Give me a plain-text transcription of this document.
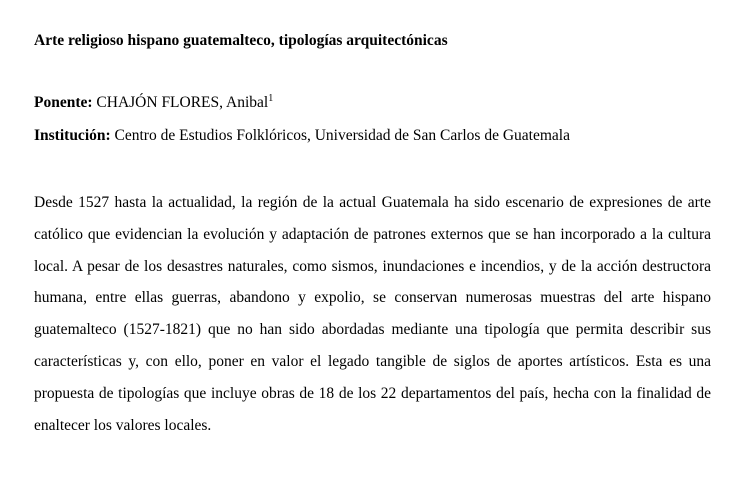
Arte religioso hispano guatemalteco, tipologías arquitectónicas

Ponente: CHAJÓN FLORES, Anibal$^1$

Institución: Centro de Estudios Folklóricos, Universidad de San Carlos de Guatemala

Desde 1527 hasta la actualidad, la región de la actual Guatemala ha sido escenario de expresiones de arte católico que evidencian la evolución y adaptación de patrones externos que se han incorporado a la cultura local. A pesar de los desastres naturales, como sismos, inundaciones e incendios, y de la acción destructora humana, entre ellas guerras, abandono y expolio, se conservan numerosas muestras del arte hispano guatemalteco (1527-1821) que no han sido abordadas mediante una tipología que permita describir sus características y, con ello, poner en valor el legado tangible de siglos de aportes artísticos. Esta es una propuesta de tipologías que incluye obras de 18 de los 22 departamentos del país, hecha con la finalidad de enaltecer los valores locales.
